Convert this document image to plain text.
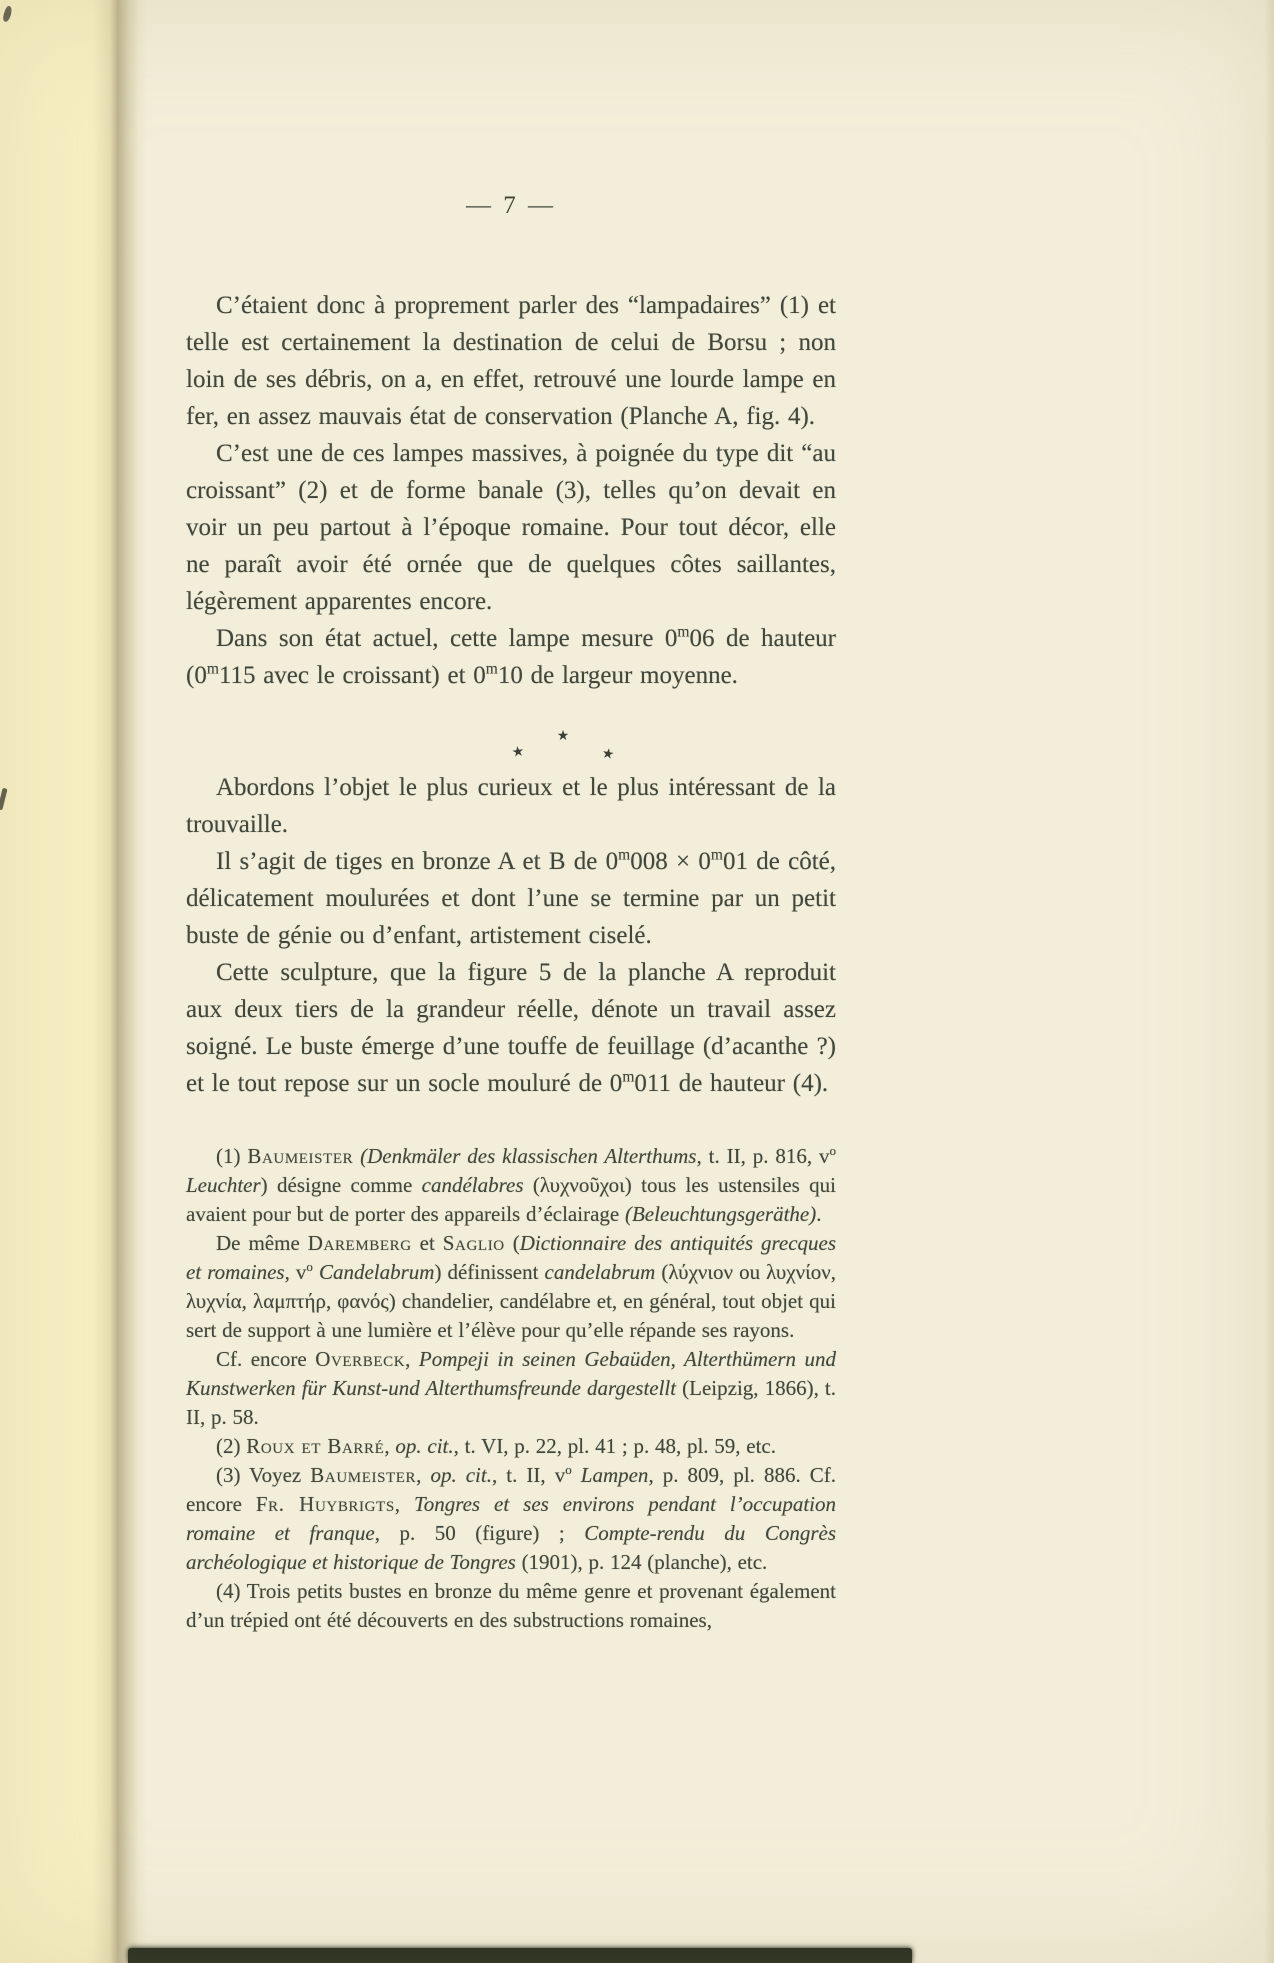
— 7 —

C’étaient donc à proprement parler des “lampadaires” (1) et telle est certainement la destination de celui de Borsu ; non loin de ses débris, on a, en effet, retrouvé une lourde lampe en fer, en assez mauvais état de conservation (Planche A, fig. 4).

C’est une de ces lampes massives, à poignée du type dit “au croissant” (2) et de forme banale (3), telles qu’on devait en voir un peu partout à l’époque romaine. Pour tout décor, elle ne paraît avoir été ornée que de quelques côtes saillantes, légèrement apparentes encore.

Dans son état actuel, cette lampe mesure 0$^m$06 de hauteur (0$^m$115 avec le croissant) et 0$^m$10 de largeur moyenne.

★
★
★

Abordons l’objet le plus curieux et le plus intéressant de la trouvaille.

Il s’agit de tiges en bronze A et B de $0^m008 \times 0^m01$ de côté, délicatement moulurées et dont l’une se termine par un petit buste de génie ou d’enfant, artistement ciselé.

Cette sculpture, que la figure 5 de la planche A reproduit aux deux tiers de la grandeur réelle, dénote un travail assez soigné. Le buste émerge d’une touffe de feuillage (d’acanthe ?) et le tout repose sur un socle mouluré de 0$^m$011 de hauteur (4).

(1) Baumeister (Denkmäler des klassischen Alterthums, t. II, p. 816, $v^o$ Leuchter) désigne comme candélabres (λυχνοῦχοι) tous les ustensiles qui avaient pour but de porter des appareils d’éclairage (Beleuchtungsgeräthe).

De même Daremberg et Saglio (Dictionnaire des antiquités grecques et romaines, $v^o$ Candelabrum) définissent candelabrum (λύχνιον ou λυχνίον, λυχνία, λαμπτήρ, φανός) chandelier, candélabre et, en général, tout objet qui sert de support à une lumière et l’élève pour qu’elle répande ses rayons.

Cf. encore Overbeck, Pompeji in seinen Gebaüden, Alterthümern und Kunstwerken für Kunst-und Alterthumsfreunde dargestellt (Leipzig, 1866), t. II, p. 58.

(2) Roux et Barré, op. cit., t. VI, p. 22, pl. 41 ; p. 48, pl. 59, etc.

(3) Voyez Baumeister, op. cit., t. II, $v^o$ Lampen, p. 809, pl. 886. Cf. encore Fr. Huybrigts, Tongres et ses environs pendant l’occupation romaine et franque, p. 50 (figure) ; Compte-rendu du Congrès archéologique et historique de Tongres (1901), p. 124 (planche), etc.

(4) Trois petits bustes en bronze du même genre et provenant également d’un trépied ont été découverts en des substructions romaines,
